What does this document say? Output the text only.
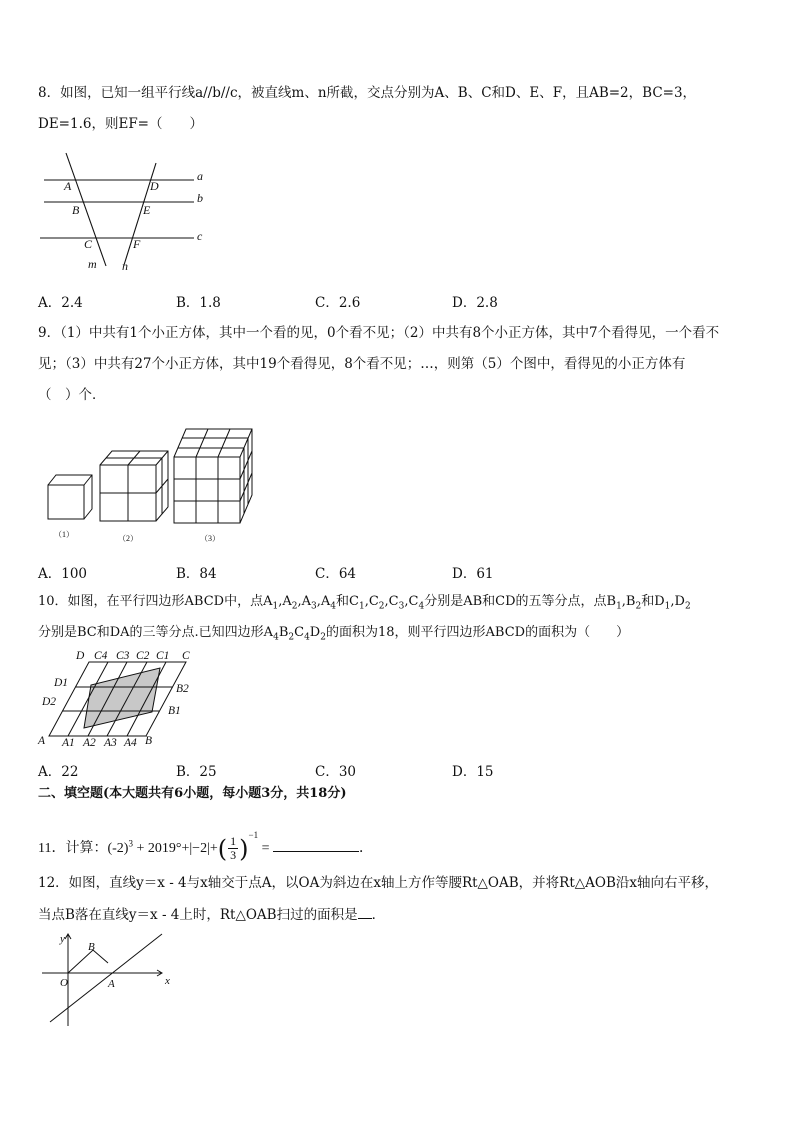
8．如图，已知一组平行线a//b//c，被直线m、n所截，交点分别为A、B、C和D、E、F，且AB=2，BC=3，
DE=1.6，则EF=（　　）
A
B
C
D
E
F
a
b
c
m n
A．2.4	B．1.8	C．2.6	D．2.8
9．（1）中共有1个小正方体，其中一个看的见，0个看不见；（2）中共有8个小正方体，其中7个看得见，一个看不
见；（3）中共有27个小正方体，其中19个看得见，8个看不见；…，则第（5）个图中，看得见的小正方体有
（　）个．
（1）	（2）	（3）
A．100	B．84	C．64	D．61
10．如图，在平行四边形ABCD中，点$A_1,A_2,A_3,A_4$和$C_1,C_2,C_3,C_4$分别是AB和CD的五等分点，点$B_1,B_2$和$D_1,D_2$
分别是BC和DA的三等分点.已知四边形$A_4B_2C_4D_2$的面积为18，则平行四边形ABCD的面积为（　　）
D C4 C3 C2 C1 C
A A1 A2 A3 A4 B
D1
D2
B2
B1
A．22	B．25	C．30	D．15
二、填空题(本大题共有6小题，每小题3分，共18分)
11．计算：$(-2)^3 + 2019^\circ+|-2|+( \frac{1}{3})^{-1}$ =	．
12．如图，直线y＝x - 4与x轴交于点A，以OA为斜边在x轴上方作等腰Rt△OAB，并将Rt△AOB沿x轴向右平移，
当点B落在直线y＝x - 4上时，Rt△OAB扫过的面积是 ．
y
x
O	A
B
